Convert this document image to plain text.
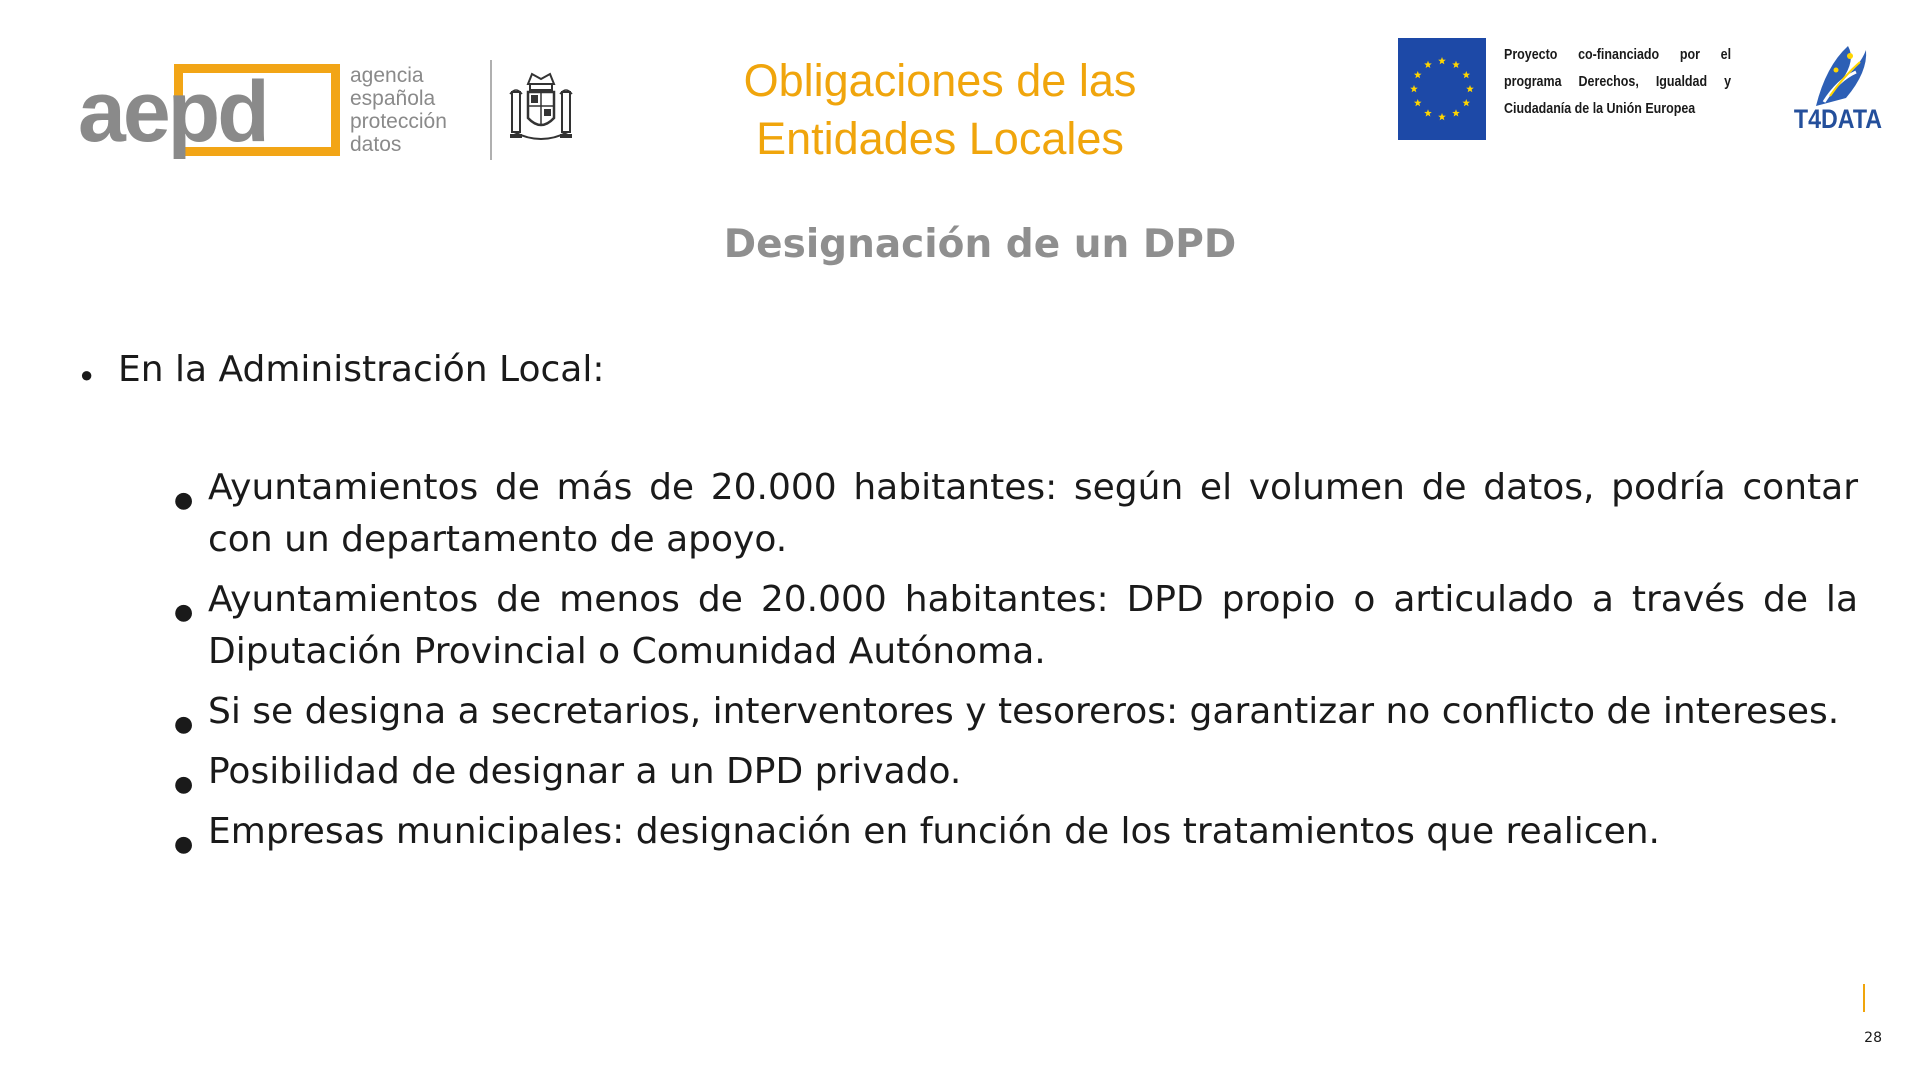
aepd	agencia
española
protección
datos
Obligaciones de las
Entidades Locales
Proyecto co-financiado por el programa Derechos, Igualdad y Ciudadanía de la Unión Europea	T4DATA
Designación de un DPD
● En la Administración Local:
● Ayuntamientos de más de 20.000 habitantes: según el volumen de datos, podría contar con un departamento de apoyo.
● Ayuntamientos de menos de 20.000 habitantes: DPD propio o articulado a través de la Diputación Provincial o Comunidad Autónoma.
● Si se designa a secretarios, interventores y tesoreros: garantizar no conflicto de intereses.
● Posibilidad de designar a un DPD privado.
● Empresas municipales: designación en función de los tratamientos que realicen.
28
